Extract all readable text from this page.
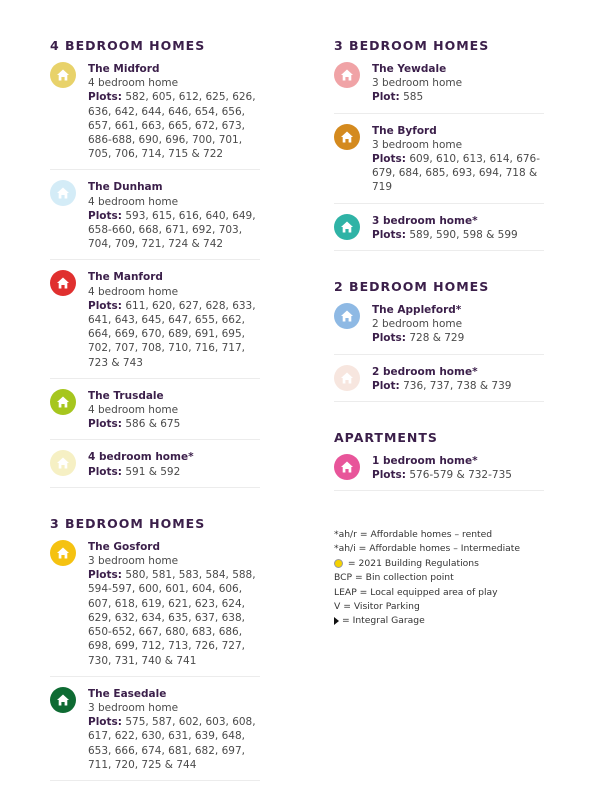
4 BEDROOM HOMES
The Midford
4 bedroom home
Plots: 582, 605, 612, 625, 626, 636, 642, 644, 646, 654, 656, 657, 661, 663, 665, 672, 673, 686-688, 690, 696, 700, 701, 705, 706, 714, 715 & 722
The Dunham
4 bedroom home
Plots: 593, 615, 616, 640, 649, 658-660, 668, 671, 692, 703, 704, 709, 721, 724 & 742
The Manford
4 bedroom home
Plots: 611, 620, 627, 628, 633, 641, 643, 645, 647, 655, 662, 664, 669, 670, 689, 691, 695, 702, 707, 708, 710, 716, 717, 723 & 743
The Trusdale
4 bedroom home
Plots: 586 & 675
4 bedroom home*
Plots: 591 & 592
3 BEDROOM HOMES
The Gosford
3 bedroom home
Plots: 580, 581, 583, 584, 588, 594-597, 600, 601, 604, 606, 607, 618, 619, 621, 623, 624, 629, 632, 634, 635, 637, 638, 650-652, 667, 680, 683, 686, 698, 699, 712, 713, 726, 727, 730, 731, 740 & 741
The Easedale
3 bedroom home
Plots: 575, 587, 602, 603, 608, 617, 622, 630, 631, 639, 648, 653, 666, 674, 681, 682, 697, 711, 720, 725 & 744
3 BEDROOM HOMES
The Yewdale
3 bedroom home
Plot: 585
The Byford
3 bedroom home
Plots: 609, 610, 613, 614, 676-679, 684, 685, 693, 694, 718 & 719
3 bedroom home*
Plots: 589, 590, 598 & 599
2 BEDROOM HOMES
The Appleford*
2 bedroom home
Plots: 728 & 729
2 bedroom home*
Plot: 736, 737, 738 & 739
APARTMENTS
1 bedroom home*
Plots: 576-579 & 732-735
*ah/r = Affordable homes – rented
*ah/i = Affordable homes – Intermediate
= 2021 Building Regulations
BCP = Bin collection point
LEAP = Local equipped area of play
V = Visitor Parking
= Integral Garage
